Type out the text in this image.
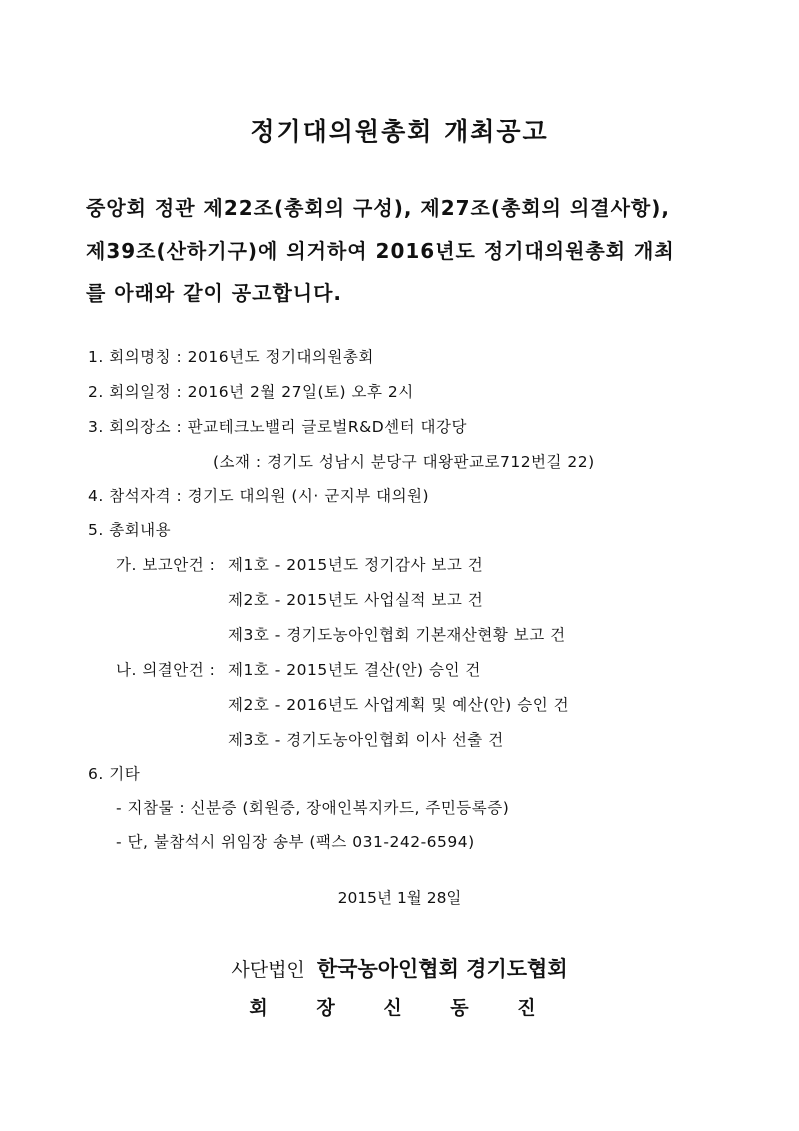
정기대의원총회 개최공고
중앙회 정관 제22조(총회의 구성), 제27조(총회의 의결사항),
제39조(산하기구)에 의거하여 2016년도 정기대의원총회 개최
를 아래와 같이 공고합니다.
1. 회의명칭 : 2016년도 정기대의원총회
2. 회의일정 : 2016년 2월 27일(토) 오후 2시
3. 회의장소 : 판교테크노밸리 글로벌R&D센터 대강당
(소재 : 경기도 성남시 분당구 대왕판교로712번길 22)
4. 참석자격 : 경기도 대의원 (시· 군지부 대의원)
5. 총회내용
가. 보고안건 : 제1호 - 2015년도 정기감사 보고 건
제2호 - 2015년도 사업실적 보고 건
제3호 - 경기도농아인협회 기본재산현황 보고 건
나. 의결안건 : 제1호 - 2015년도 결산(안) 승인 건
제2호 - 2016년도 사업계획 및 예산(안) 승인 건
제3호 - 경기도농아인협회 이사 선출 건
6. 기타
- 지참물 : 신분증 (회원증, 장애인복지카드, 주민등록증)
- 단, 불참석시 위임장 송부 (팩스 031-242-6594)
2015년 1월 28일
사단법인 한국농아인협회 경기도협회
회 장 신 동 진
